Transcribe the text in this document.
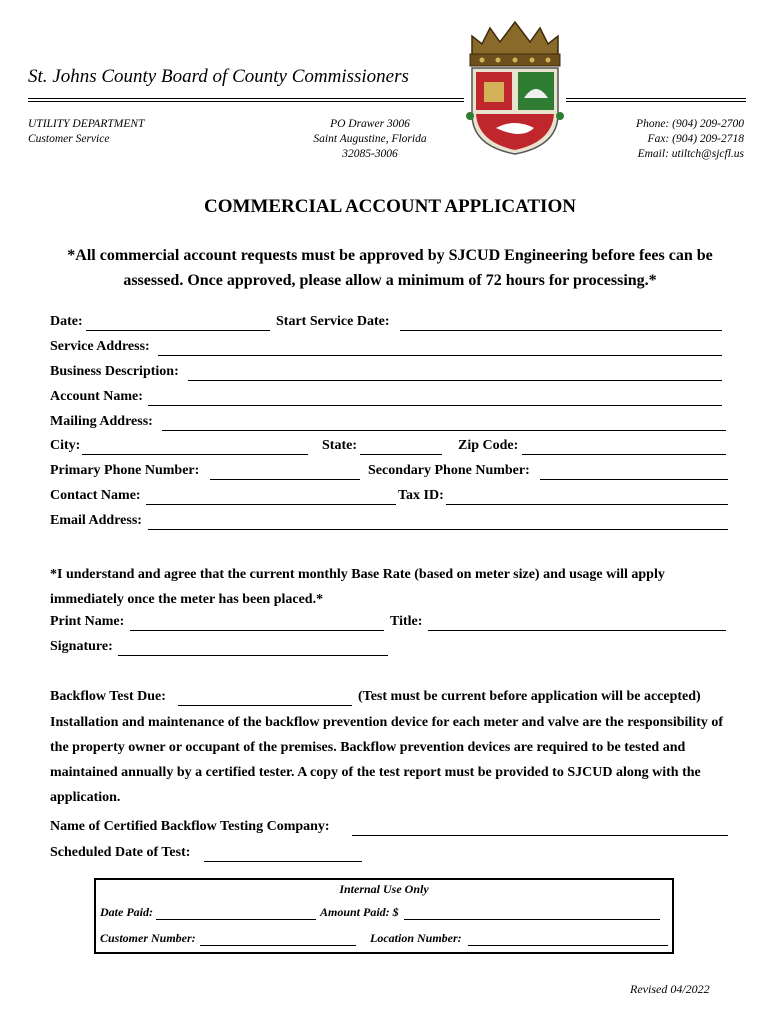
St. Johns County Board of County Commissioners
UTILITY DEPARTMENT
Customer Service
PO Drawer 3006
Saint Augustine, Florida
32085-3006
Phone: (904) 209-2700
Fax: (904) 209-2718
Email: utiltch@sjcfl.us
COMMERCIAL ACCOUNT APPLICATION
*All commercial account requests must be approved by SJCUD Engineering before fees can be assessed. Once approved, please allow a minimum of 72 hours for processing.*
Date:	Start Service Date:
Service Address:
Business Description:
Account Name:
Mailing Address:
City:	State:	Zip Code:
Primary Phone Number:	Secondary Phone Number:
Contact Name:	Tax ID:
Email Address:
*I understand and agree that the current monthly Base Rate (based on meter size) and usage will apply immediately once the meter has been placed.*
Print Name:	Title:
Signature:
Backflow Test Due:	(Test must be current before application will be accepted)
Installation and maintenance of the backflow prevention device for each meter and valve are the responsibility of the property owner or occupant of the premises. Backflow prevention devices are required to be tested and maintained annually by a certified tester. A copy of the test report must be provided to SJCUD along with the application.
Name of Certified Backflow Testing Company:
Scheduled Date of Test:
Internal Use Only
Date Paid:	Amount Paid: $
Customer Number:	Location Number:
Revised 04/2022
